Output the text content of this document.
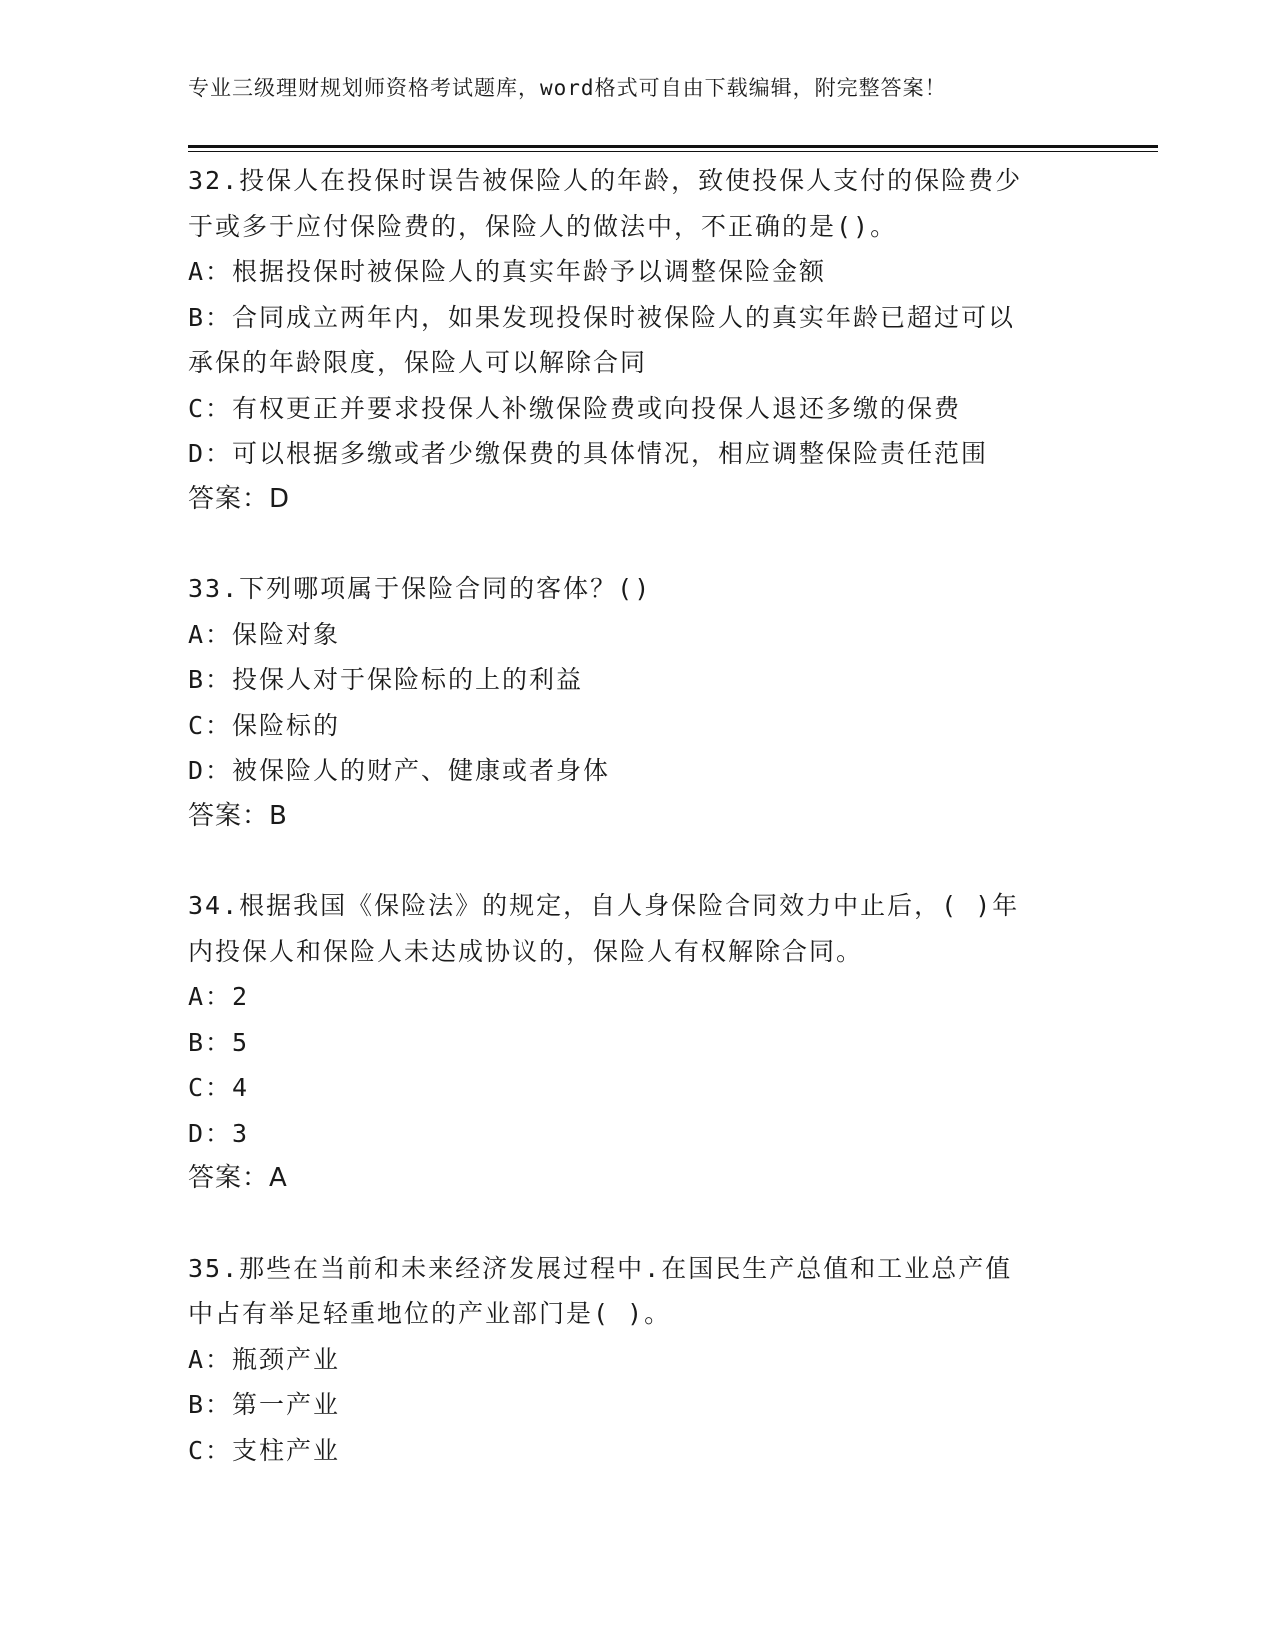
专业三级理财规划师资格考试题库，word格式可自由下载编辑，附完整答案！
32.投保人在投保时误告被保险人的年龄，致使投保人支付的保险费少
于或多于应付保险费的，保险人的做法中，不正确的是()。
A：根据投保时被保险人的真实年龄予以调整保险金额
B：合同成立两年内，如果发现投保时被保险人的真实年龄已超过可以
承保的年龄限度，保险人可以解除合同
C：有权更正并要求投保人补缴保险费或向投保人退还多缴的保费
D：可以根据多缴或者少缴保费的具体情况，相应调整保险责任范围
答案：D
33.下列哪项属于保险合同的客体？()
A：保险对象
B：投保人对于保险标的上的利益
C：保险标的
D：被保险人的财产、健康或者身体
答案：B
34.根据我国《保险法》的规定，自人身保险合同效力中止后，( )年
内投保人和保险人未达成协议的，保险人有权解除合同。
A：2
B：5
C：4
D：3
答案：A
35.那些在当前和未来经济发展过程中.在国民生产总值和工业总产值
中占有举足轻重地位的产业部门是( )。
A：瓶颈产业
B：第一产业
C：支柱产业
